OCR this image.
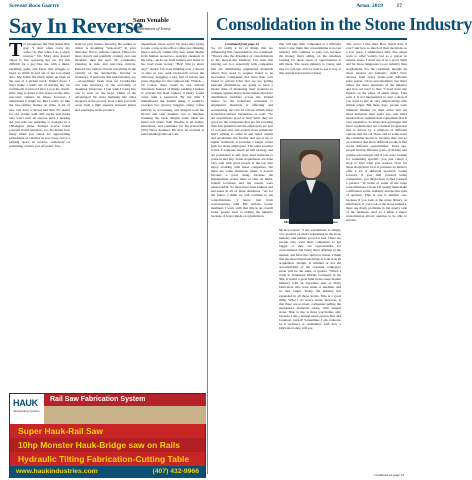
Sᴜᴘᴘᴏʀᴛ Rᴏᴄᴋ Gᴀᴢᴇᴛᴛᴇ	Aᴘʀɪʟ 2019 17
Say In Reverse
Sam Venable
Department of Irony
T O paraphrase the Don Rains Boy gag: "I don't often cover my wife's car. But when I do, I enjoy reverse." No, Mary Ann doesn't object to my operating her car. It's just difficult for a guy like me, with a mind-expelling quiet, and knees that struggle to bend, to climb in and out of her low-slung auto. My frame fits much better up high, in the seat of a pickup truck. What's more, I don't make a habit out of driving her car continually backward after I pop the clutch. Only long to listen to the beeps on this nifty rear-view camera. In future, however, I understand it might be. But I really do like the rear-camera feature on rides. A lot of new cars have a device like this. It's useful for old cranks with stiff necks and backs who won't ever let anyone have a hearing aid, but who are tempting to navigate in a 180-degree plane. Perhaps you've found yourself in this situation, too. No matter how many times you check for approaching pedestrians or vehicles as you creep out of a parking space in reverse, somebody or something catches you off guard. You
slam on your brakes, knowing the walker or driver is mouthing "jerk-wad!" in your direction. Not so with the camera. There's no more slowly and painfully craning over one shoulder, then the next. No continually glancing at side- and rear-view mirrors. Instead, the camera reveals everything in the vicinity of the automobile, moving or stationary. It performs this task instantly, too—exceedingly faster than fat Cronkwhite can take inventory of the exit-ramp or changing landscape. I just wish I could buy one to wear on my head. Think of the advantages! No more bumping into other shoppers at the grocery store when you back away from a tight squeeze between gripes and asparagus in the produce
department. Oops, sorry! No more silly trying to take a stop at the office coffee pot, thinking there's nobody within fifty feet, when Mabel from human resources—wearing sneakers at the time—picks up from behind and barks in her loud nasal twang, "Hey! Did ja leave any?" Guard. I'm even thinking over a shovel or rake as you walk backwards across the driveway, dragging a tarp full of leaves and grass clippings for the compost bin. Whack— Of course, there could be one serious drawback. Instead of simply pushing a button to activate the head camera, it likely would come with a password. By the time I remembered the hateful thing, I would've wrecked two grocery buggies, slung coffee halfway to accounting, and mopped both the shovel and rake handles, not to mention breaking my back. Maybe some ideas are better left alone. Sam Venable is an author, entertainer, and columnist for the Knoxville (TN) News Sentinel. He may be reached at sam.venable@outlook.com.
HAUK
Stoneworking Systems
Rail Saw Fabrication System
Super Hauk-Rail Saw
10hp Monster Hauk-Bridge saw on Rails
Hydraulic Tilting Fabrication-Cutting Table
www.haukindustries.com	(407) 432-9966
Consolidation in the Stone Industry
Continued from page 12
So, it's really a lot of things that are influencing this consolidation. Joe continued, "There's also the dynamics of consolidations in the shower-tile business. I've seen this playing out, too, especially with companies that are distributing engineered materials where they need to acquire brand to be successful. Companies that have their own brand or private label that are not getting national distribution, are going to have a harder time of marketing their products to compete against major brand names that have distribution facilities across the United States. So the industries' transition to engineered materials is affecting and accelerating the rate of roll-up within these stone/hard-surface businesses as well. "So are acquisitions good or bad? Well, they are good for the companies that are not reaching their full potential and the employees are part of a closed and, and owners have somebody that's willing to come in and inject capital and modernize the facility and get it up to higher standards, it provides a longer career path for those employees. The other positive is that if someone needs an exit strategy and are positioned to sell, they need someone to come in and buy. Some acquisitions are done very well with good people at the top who enjoy working with these companies, but there are some situations where it doesn't become a good thing, because the management wasn't there to take on multi-branch locations and the results were unsuccessful. So there have been failures and successes in all of these situations. "As for the future, I think we will continue to see consolidations. I know just from conversations with PSI Artisan Group members I work with that this is an overall trend, people look to exiting the industry because of fewer kinds of organization.
that will take their companies to a different level. I also think that consolidation is not an industry will continue to play out, because the money that's sitting on the sidelines looking for those types of opportunities is still there. The stone industry is young and ripe for roll-ups, and we tend to see it stay at this current level and not faster.
Mᴏɴɪᴄᴀ Gᴀʀᴏᴜɴ, Tᴀᴍᴍᴀᴄʜᴇ Mᴀʀʙʟᴇ
Monica Garott: "I see acquisitions as simply a by-product of what's happening in the stone industry and neither good nor bad. There are people who want their companies to get bigger or they see opportunities for consolidation and being more efficient in the market, and have the capital to invest. I think that the most important things to look at in an acquisition, though, is whether or not the accountability of the acquired company's stone will be the same or greater. "When I came to Tennessee Marble Company in the '90s, it wasn't a great time in the stone market industry with an anywhere near as many fabricators who were small or medium, and no new larger. Today, the industry has expanded in all those levels. This is a good thing. What I do worry about, however, is that there are so many companies selling the engineered materials along with natural stone. That, to me, is more worrisome, only because I am a natural-stone person first and foremost, period! Sometimes I am cautious, be it architect or residential, with how a fabrication shop will say,
'Oh, wow! I like that! How much does it cost?' and how so much of their decisions on a low price. I understand fully that shops want to offer variety, but as a player in natural stone, I don't see it as a good thing and far more dangerous to our industry than acquisitions. For the consumer, though, all those choices are fantastic, right? Now choices from every better-wide different price points, colors and durability, but that's where the more questions of the industry and how we react to that. "I don't have any figures on the pulse of small shops. That said, it is not inexpensive to start a shop if you want to just do very simple things with simple edges. But these days, people want different finishes on their stone that are more elaborate than years ago, and that's needed more sophisticated equipment that is very expensive. So shops that get bigger and more sophisticated are a natural progression that is driven by a plethora of different options that are out there, and in some ways the consumer knows it, because they can go on websites that show different products that create different opportunities. Years ago, people having different types of marble and granite was enough, and if you were looking for something specific, you just called a shop to find what you wanted. Now for those shops have a lot of pressure on them to offer a lot of different products. Going forward, if you find yourself being competitive, you might have to find yourself a partner. "In terms of some of the large consolidations, I hope I'm seeing them make a difference in the visibility and the life span of quarries. This is one is number one, because if you look at the stone history, as mentioned, if you look at the stone industry, there are many problems in the quarry side of the business. And so I think a major consolidation allows quarries to be able to survive.
Continued on page 19
